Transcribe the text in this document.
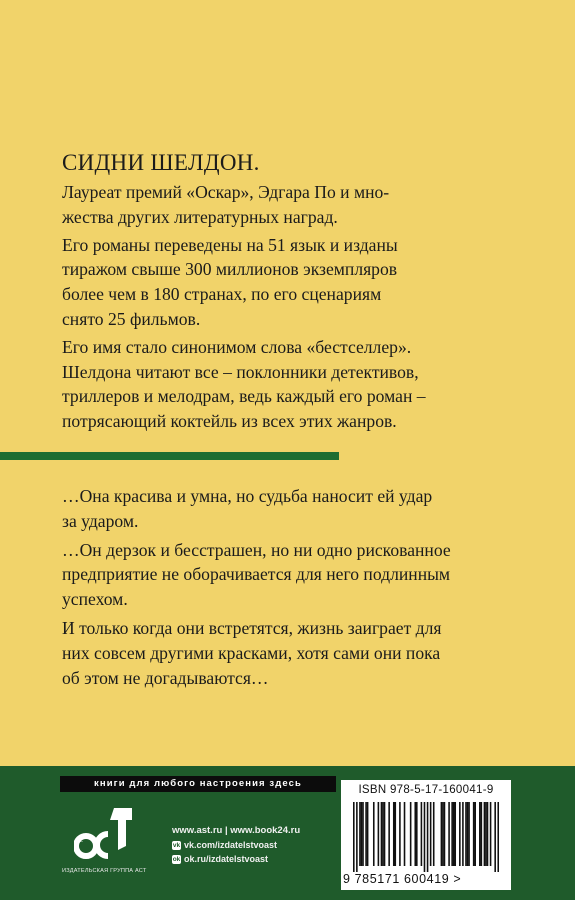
СИДНИ ШЕЛДОН.
Лауреат премий «Оскар», Эдгара По и мно-
жества других литературных наград.
Его романы переведены на 51 язык и изданы
тиражом свыше 300 миллионов экземпляров
более чем в 180 странах, по его сценариям
снято 25 фильмов.
Его имя стало синонимом слова «бестселлер».
Шелдона читают все – поклонники детективов,
триллеров и мелодрам, ведь каждый его роман –
потрясающий коктейль из всех этих жанров.
…Она красива и умна, но судьба наносит ей удар
за ударом.
…Он дерзок и бесстрашен, но ни одно рискованное
предприятие не оборачивается для него подлинным
успехом.
И только когда они встретятся, жизнь заиграет для
них совсем другими красками, хотя сами они пока
об этом не догадываются…
книги для любого настроения здесь
аст
ИЗДАТЕЛЬСКАЯ ГРУППА АСТ
www.ast.ru | www.book24.ru
vk vk.com/izdatelstvoast
ok ok.ru/izdatelstvoast
ISBN 978-5-17-160041-9
9 785171 600419 >
